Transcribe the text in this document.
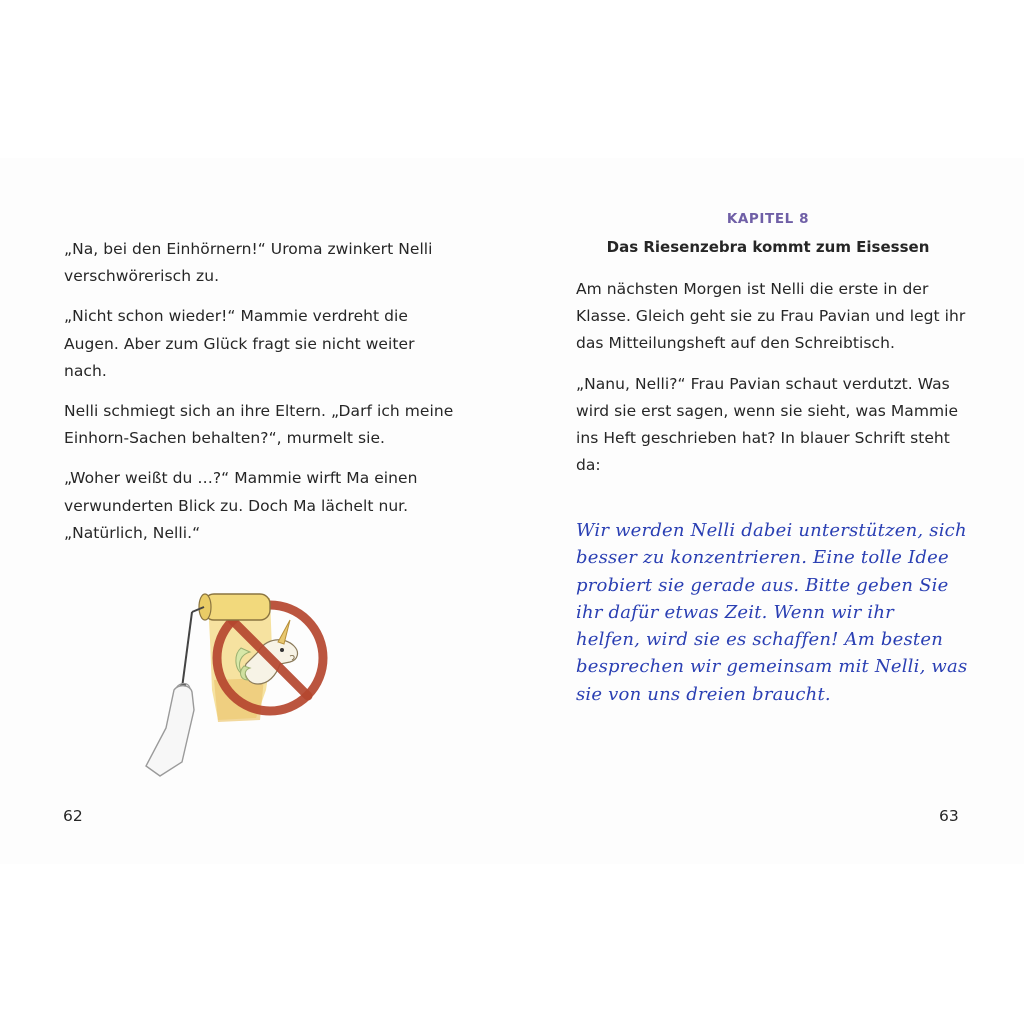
„Na, bei den Einhörnern!“ Uroma zwinkert Nelli verschwörerisch zu.

„Nicht schon wieder!“ Mammie verdreht die Augen. Aber zum Glück fragt sie nicht weiter nach.

Nelli schmiegt sich an ihre Eltern. „Darf ich meine Einhorn-Sachen behalten?“, murmelt sie.

„Woher weißt du …?“ Mammie wirft Ma einen verwunderten Blick zu. Doch Ma lächelt nur. „Natürlich, Nelli.“

62
KAPITEL 8
Das Riesenzebra kommt zum Eisessen

Am nächsten Morgen ist Nelli die erste in der Klasse. Gleich geht sie zu Frau Pavian und legt ihr das Mitteilungsheft auf den Schreibtisch.

„Nanu, Nelli?“ Frau Pavian schaut verdutzt. Was wird sie erst sagen, wenn sie sieht, was Mammie ins Heft geschrieben hat? In blauer Schrift steht da:

Wir werden Nelli dabei unterstützen, sich
besser zu konzentrieren. Eine tolle Idee
probiert sie gerade aus. Bitte geben Sie
ihr dafür etwas Zeit. Wenn wir ihr
helfen, wird sie es schaffen! Am besten
besprechen wir gemeinsam mit Nelli, was
sie von uns dreien braucht.
63
